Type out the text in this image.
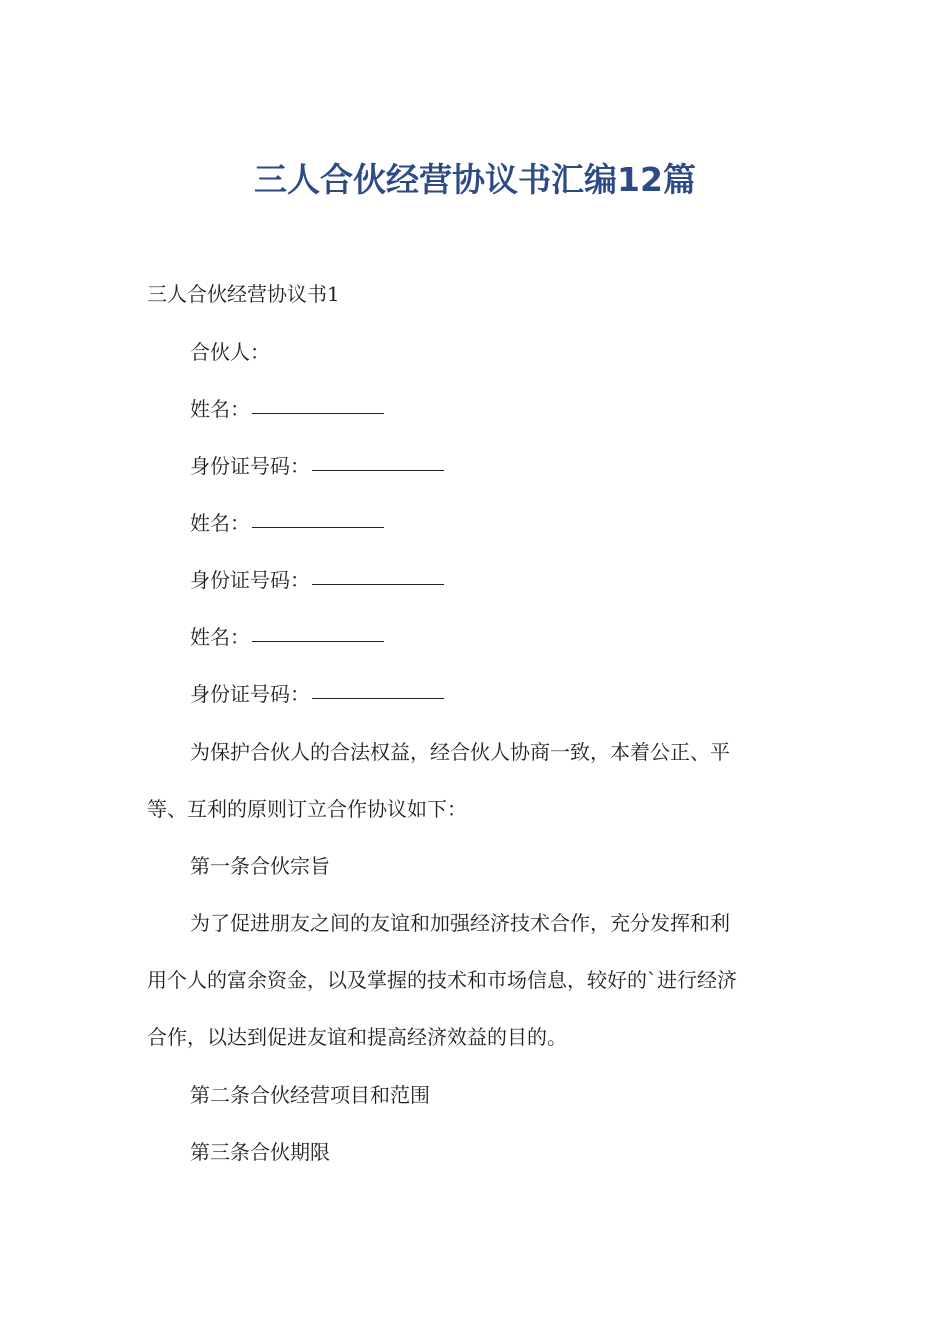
三人合伙经营协议书汇编12篇
三人合伙经营协议书1
合伙人：
姓名：
身份证号码：
姓名：
身份证号码：
姓名：
身份证号码：
为保护合伙人的合法权益，经合伙人协商一致，本着公正、平
等、互利的原则订立合作协议如下：
第一条合伙宗旨
为了促进朋友之间的友谊和加强经济技术合作，充分发挥和利
用个人的富余资金，以及掌握的技术和市场信息，较好的`进行经济
合作，以达到促进友谊和提高经济效益的目的。
第二条合伙经营项目和范围
第三条合伙期限
